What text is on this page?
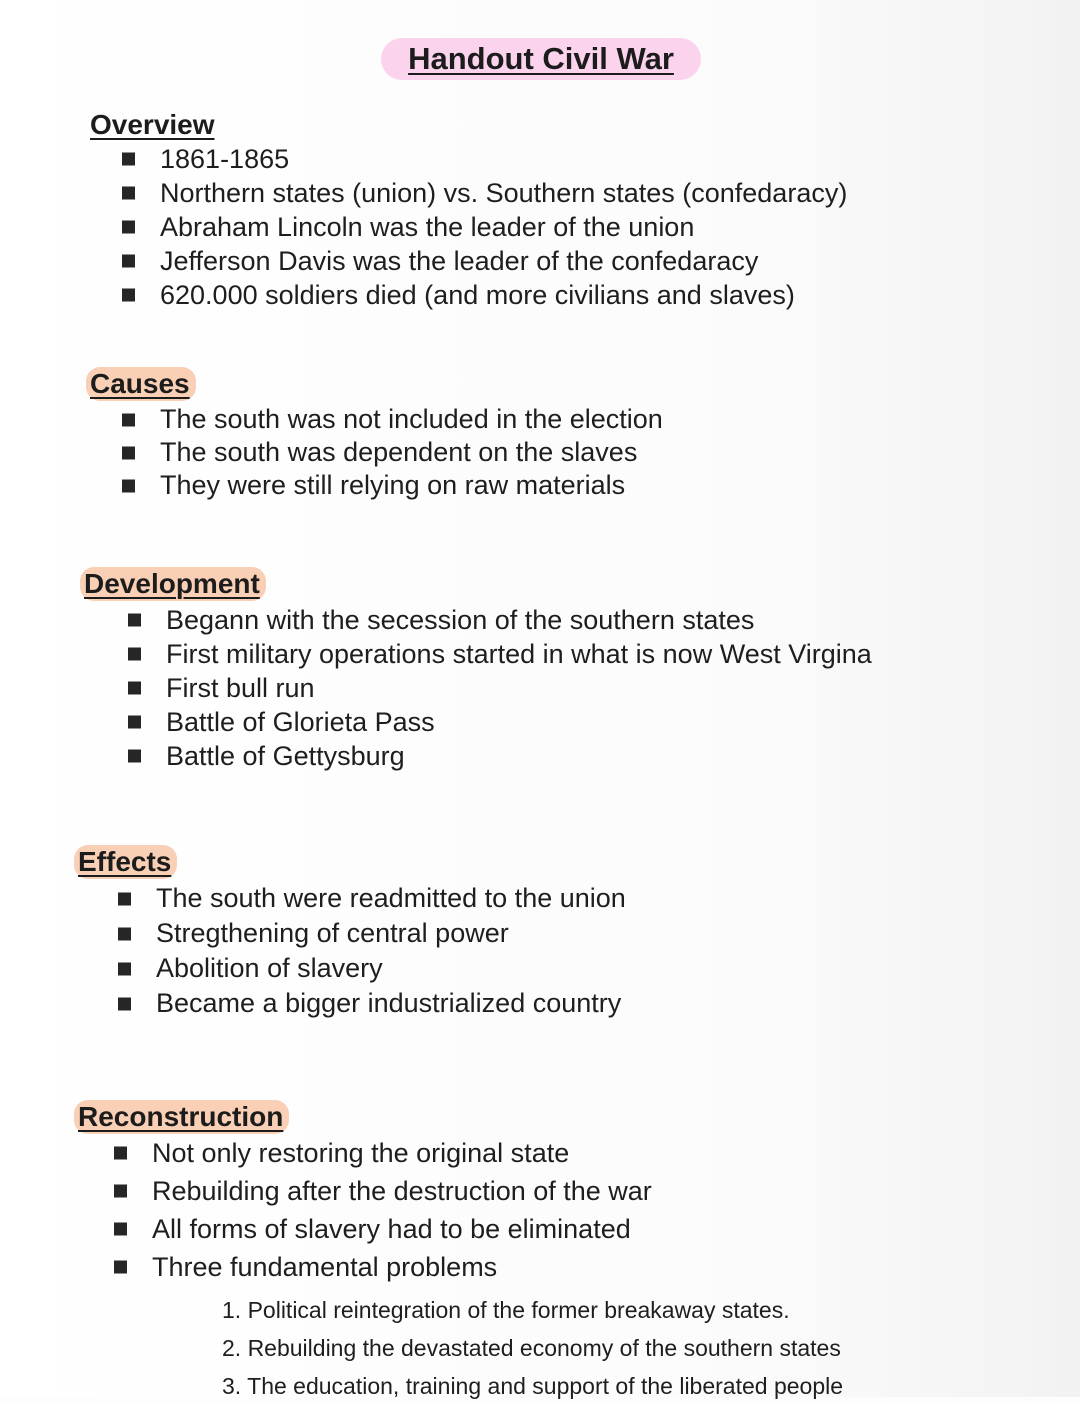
Handout Civil War
Overview
1861-1865
Northern states (union) vs. Southern states (confedaracy)
Abraham Lincoln was the leader of the union
Jefferson Davis was the leader of the confedaracy
620.000 soldiers died (and more civilians and slaves)
Causes
The south was not included in the election
The south was dependent on the slaves
They were still relying on raw materials
Development
Begann with the secession of the southern states
First military operations started in what is now West Virgina
First bull run
Battle of Glorieta Pass
Battle of Gettysburg
Effects
The south were readmitted to the union
Stregthening of central power
Abolition of slavery
Became a bigger industrialized country
Reconstruction
Not only restoring the original state
Rebuilding after the destruction of the war
All forms of slavery had to be eliminated
Three fundamental problems
1. Political reintegration of the former breakaway states.
2. Rebuilding the devastated economy of the southern states
3. The education, training and support of the liberated people
